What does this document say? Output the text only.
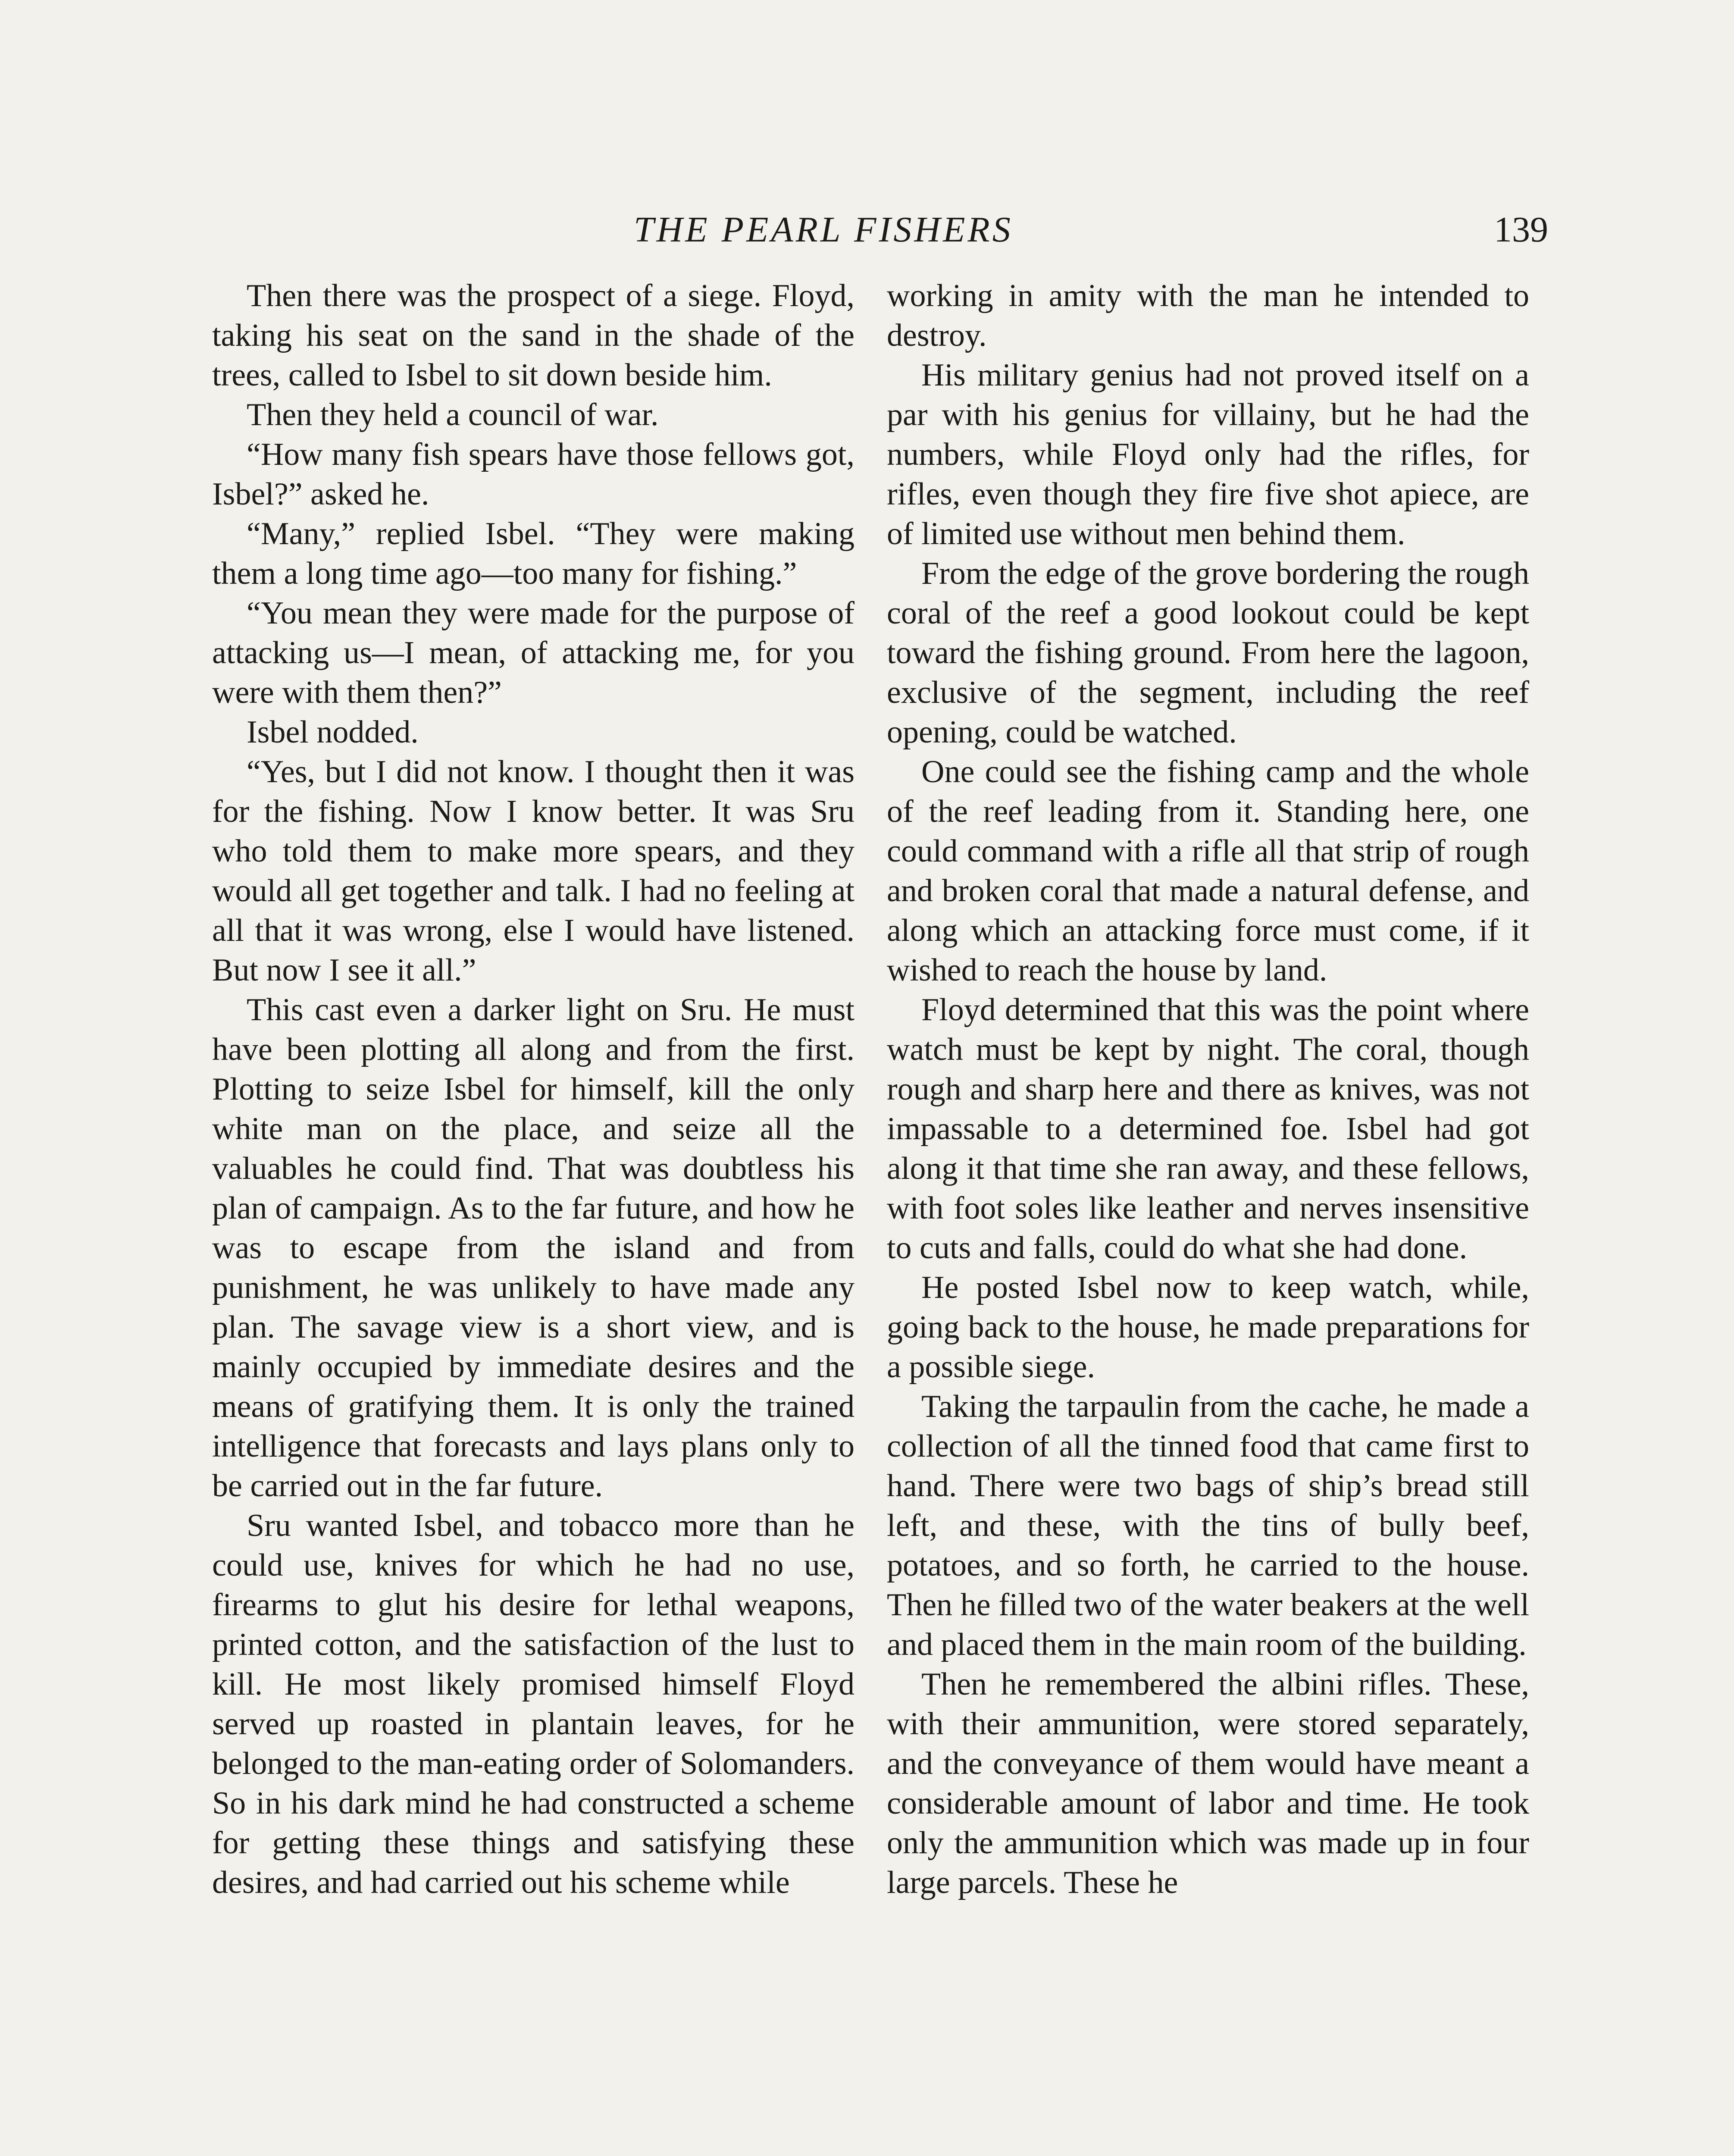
THE PEARL FISHERS	139

Then there was the prospect of a siege. Floyd, taking his seat on the sand in the shade of the trees, called to Isbel to sit down beside him.

Then they held a council of war.

“How many fish spears have those fellows got, Isbel?” asked he.

“Many,” replied Isbel. “They were making them a long time ago—too many for fishing.”

“You mean they were made for the purpose of attacking us—I mean, of attacking me, for you were with them then?”

Isbel nodded.

“Yes, but I did not know. I thought then it was for the fishing. Now I know better. It was Sru who told them to make more spears, and they would all get together and talk. I had no feeling at all that it was wrong, else I would have listened. But now I see it all.”

This cast even a darker light on Sru. He must have been plotting all along and from the first. Plotting to seize Isbel for himself, kill the only white man on the place, and seize all the valuables he could find. That was doubtless his plan of campaign. As to the far future, and how he was to escape from the island and from punishment, he was unlikely to have made any plan. The savage view is a short view, and is mainly occupied by immediate desires and the means of gratifying them. It is only the trained intelligence that forecasts and lays plans only to be carried out in the far future.

Sru wanted Isbel, and tobacco more than he could use, knives for which he had no use, firearms to glut his desire for lethal weapons, printed cotton, and the satisfaction of the lust to kill. He most likely promised himself Floyd served up roasted in plantain leaves, for he belonged to the man-eating order of Solomanders. So in his dark mind he had constructed a scheme for getting these things and satisfying these desires, and had carried out his scheme while

working in amity with the man he intended to destroy.

His military genius had not proved itself on a par with his genius for villainy, but he had the numbers, while Floyd only had the rifles, for rifles, even though they fire five shot apiece, are of limited use without men behind them.

From the edge of the grove bordering the rough coral of the reef a good lookout could be kept toward the fishing ground. From here the lagoon, exclusive of the segment, including the reef opening, could be watched.

One could see the fishing camp and the whole of the reef leading from it. Standing here, one could command with a rifle all that strip of rough and broken coral that made a natural defense, and along which an attacking force must come, if it wished to reach the house by land.

Floyd determined that this was the point where watch must be kept by night. The coral, though rough and sharp here and there as knives, was not impassable to a determined foe. Isbel had got along it that time she ran away, and these fellows, with foot soles like leather and nerves insensitive to cuts and falls, could do what she had done.

He posted Isbel now to keep watch, while, going back to the house, he made preparations for a possible siege.

Taking the tarpaulin from the cache, he made a collection of all the tinned food that came first to hand. There were two bags of ship’s bread still left, and these, with the tins of bully beef, potatoes, and so forth, he carried to the house. Then he filled two of the water beakers at the well and placed them in the main room of the building.

Then he remembered the albini rifles. These, with their ammunition, were stored separately, and the conveyance of them would have meant a considerable amount of labor and time. He took only the ammunition which was made up in four large parcels. These he
